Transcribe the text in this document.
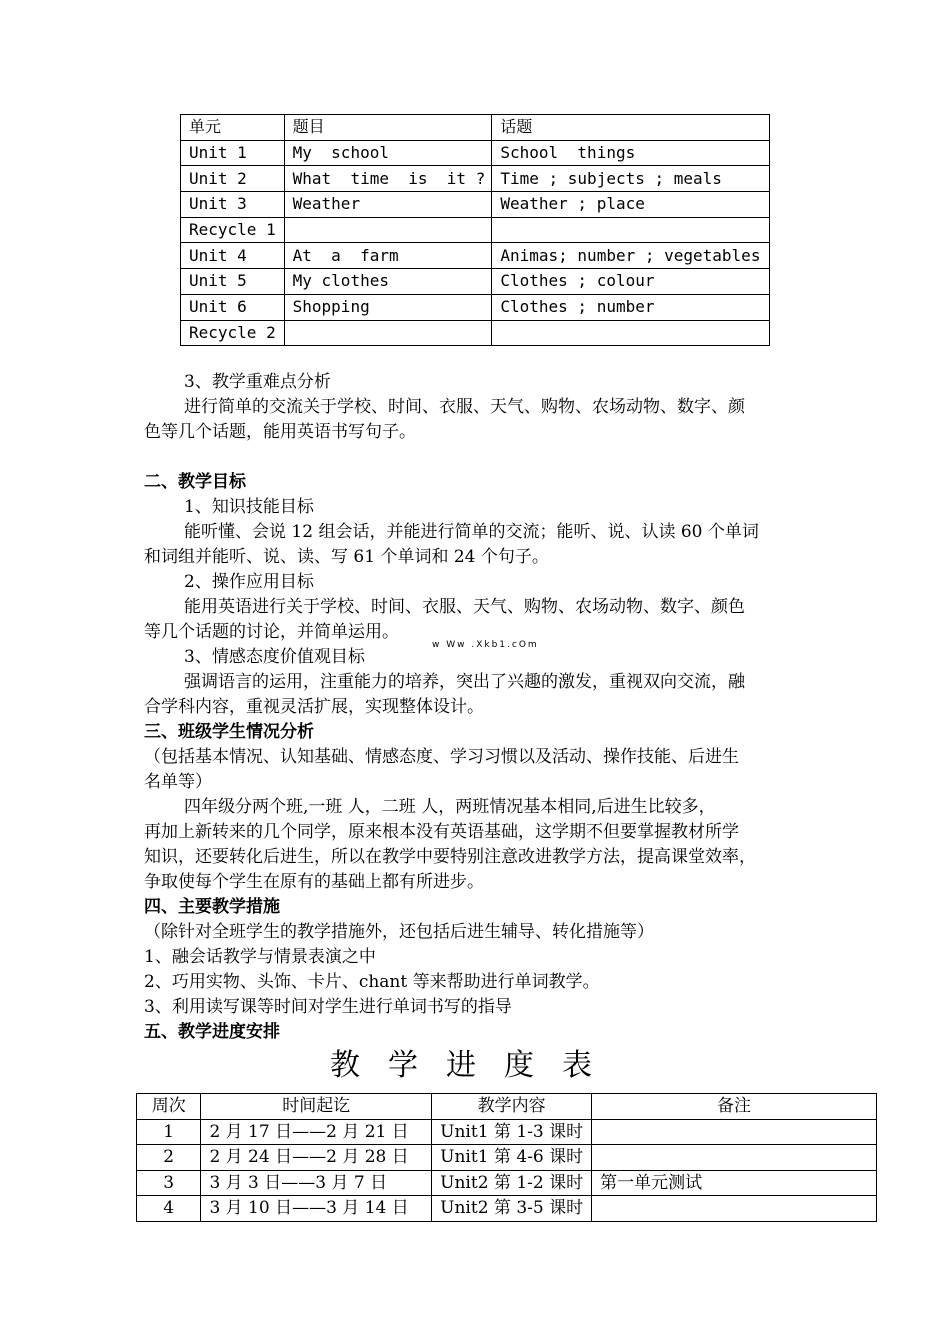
单元	题目	话题
Unit 1	My  school	School  things
Unit 2	What  time  is  it ?	Time ; subjects ; meals
Unit 3	Weather	Weather ; place
Recycle 1		
Unit 4	At  a  farm	Animas; number ; vegetables
Unit 5	My clothes	Clothes ; colour
Unit 6	Shopping	Clothes ; number
Recycle 2		
3、教学重难点分析
进行简单的交流关于学校、时间、衣服、天气、购物、农场动物、数字、颜
色等几个话题，能用英语书写句子。
二、教学目标
1、知识技能目标
能听懂、会说 12 组会话，并能进行简单的交流；能听、说、认读 60 个单词
和词组并能听、说、读、写 61 个单词和 24 个句子。
2、操作应用目标
能用英语进行关于学校、时间、衣服、天气、购物、农场动物、数字、颜色
等几个话题的讨论，并简单运用。
w Ww .Xkb1.cOm
3、情感态度价值观目标
强调语言的运用，注重能力的培养，突出了兴趣的激发，重视双向交流，融
合学科内容，重视灵活扩展，实现整体设计。
三、班级学生情况分析
（包括基本情况、认知基础、情感态度、学习习惯以及活动、操作技能、后进生
名单等）
四年级分两个班,一班 人，二班 人，两班情况基本相同,后进生比较多，
再加上新转来的几个同学，原来根本没有英语基础，这学期不但要掌握教材所学
知识，还要转化后进生，所以在教学中要特别注意改进教学方法，提高课堂效率，
争取使每个学生在原有的基础上都有所进步。
四、主要教学措施
（除针对全班学生的教学措施外，还包括后进生辅导、转化措施等）
1、融会话教学与情景表演之中
2、巧用实物、头饰、卡片、chant 等来帮助进行单词教学。
3、利用读写课等时间对学生进行单词书写的指导
五、教学进度安排
教学进度表
周次	时间起讫	教学内容	备注
1	2 月 17 日——2 月 21 日	Unit1 第 1-3 课时	
2	2 月 24 日——2 月 28 日	Unit1 第 4-6 课时	
3	3 月 3 日——3 月 7 日	Unit2 第 1-2 课时	第一单元测试
4	3 月 10 日——3 月 14 日	Unit2 第 3-5 课时	
